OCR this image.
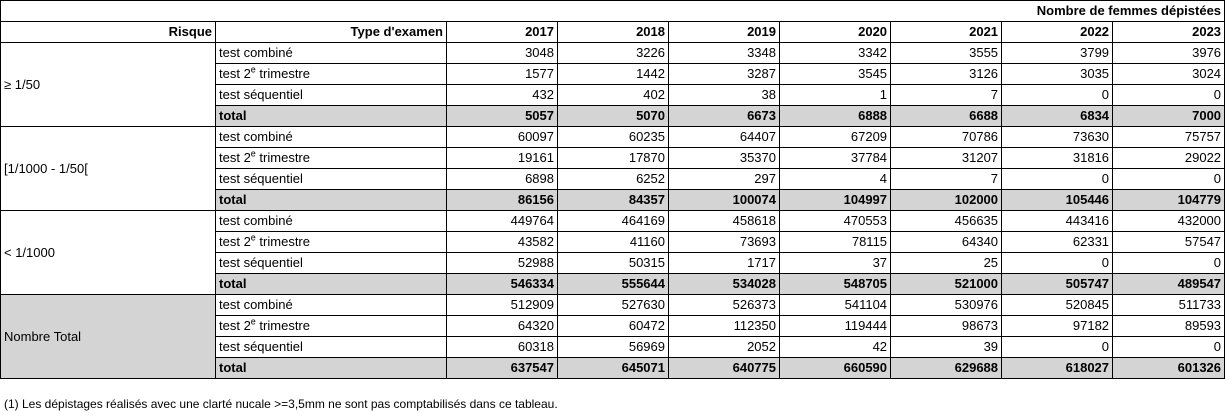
						Nombre de femmes dépistées		
Risque	Type d'examen	2017	2018	2019	2020	2021	2022	2023
≥ 1/50	test combiné	3048	3226	3348	3342	3555	3799	3976
	test 2e trimestre	1577	1442	3287	3545	3126	3035	3024
	test séquentiel	432	402	38	1	7	0	0
	total	5057	5070	6673	6888	6688	6834	7000
[1/1000 - 1/50[	test combiné	60097	60235	64407	67209	70786	73630	75757
	test 2e trimestre	19161	17870	35370	37784	31207	31816	29022
	test séquentiel	6898	6252	297	4	7	0	0
	total	86156	84357	100074	104997	102000	105446	104779
< 1/1000	test combiné	449764	464169	458618	470553	456635	443416	432000
	test 2e trimestre	43582	41160	73693	78115	64340	62331	57547
	test séquentiel	52988	50315	1717	37	25	0	0
	total	546334	555644	534028	548705	521000	505747	489547
Nombre Total	test combiné	512909	527630	526373	541104	530976	520845	511733
	test 2e trimestre	64320	60472	112350	119444	98673	97182	89593
	test séquentiel	60318	56969	2052	42	39	0	0
	total	637547	645071	640775	660590	629688	618027	601326
(1) Les dépistages réalisés avec une clarté nucale >=3,5mm ne sont pas comptabilisés dans ce tableau.
